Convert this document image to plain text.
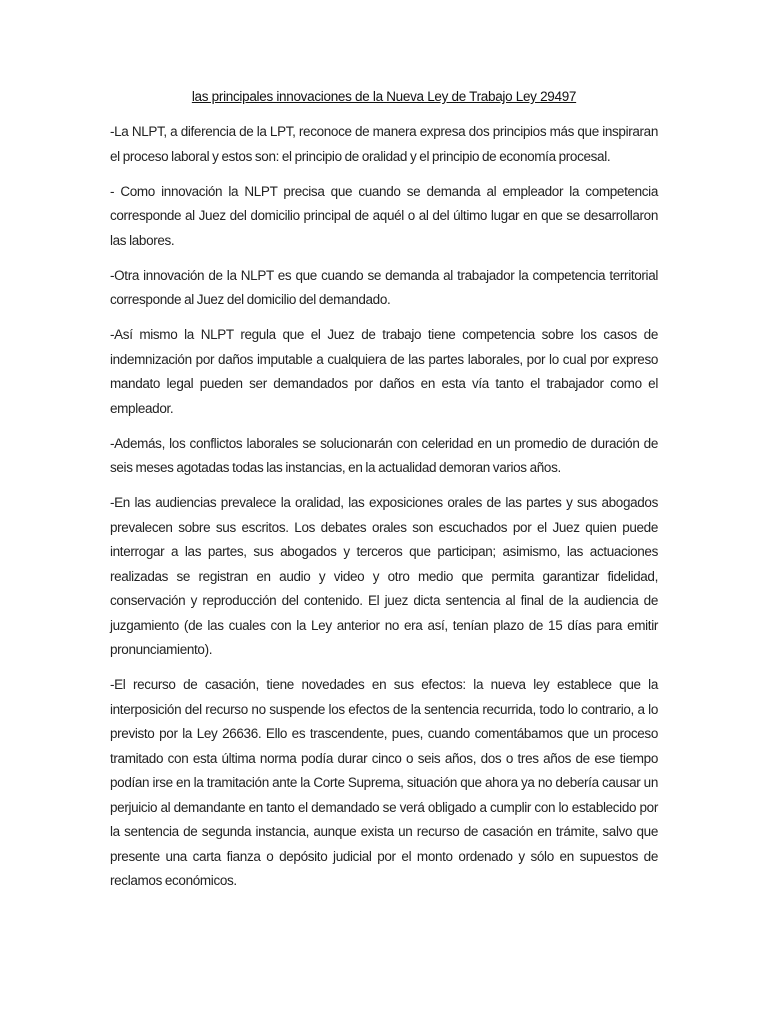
las principales innovaciones de la Nueva Ley de Trabajo Ley 29497

-La NLPT, a diferencia de la LPT, reconoce de manera expresa dos principios más que inspiraran el proceso laboral y estos son: el principio de oralidad y el principio de economía procesal.

- Como innovación la NLPT precisa que cuando se demanda al empleador la competencia corresponde al Juez del domicilio principal de aquél o al del último lugar en que se desarrollaron las labores.

-Otra innovación de la NLPT es que cuando se demanda al trabajador la competencia territorial corresponde al Juez del domicilio del demandado.

-Así mismo la NLPT regula que el Juez de trabajo tiene competencia sobre los casos de indemnización por daños imputable a cualquiera de las partes laborales, por lo cual por expreso mandato legal pueden ser demandados por daños en esta vía tanto el trabajador como el empleador.

-Además, los conflictos laborales se solucionarán con celeridad en un promedio de duración de seis meses agotadas todas las instancias, en la actualidad demoran varios años.

-En las audiencias prevalece la oralidad, las exposiciones orales de las partes y sus abogados prevalecen sobre sus escritos. Los debates orales son escuchados por el Juez quien puede interrogar a las partes, sus abogados y terceros que participan; asimismo, las actuaciones realizadas se registran en audio y video y otro medio que permita garantizar fidelidad, conservación y reproducción del contenido. El juez dicta sentencia al final de la audiencia de juzgamiento (de las cuales con la Ley anterior no era así, tenían plazo de 15 días para emitir pronunciamiento).

-El recurso de casación, tiene novedades en sus efectos: la nueva ley establece que la interposición del recurso no suspende los efectos de la sentencia recurrida, todo lo contrario, a lo previsto por la Ley 26636. Ello es trascendente, pues, cuando comentábamos que un proceso tramitado con esta última norma podía durar cinco o seis años, dos o tres años de ese tiempo podían irse en la tramitación ante la Corte Suprema, situación que ahora ya no debería causar un perjuicio al demandante en tanto el demandado se verá obligado a cumplir con lo establecido por la sentencia de segunda instancia, aunque exista un recurso de casación en trámite, salvo que presente una carta fianza o depósito judicial por el monto ordenado y sólo en supuestos de reclamos económicos.
